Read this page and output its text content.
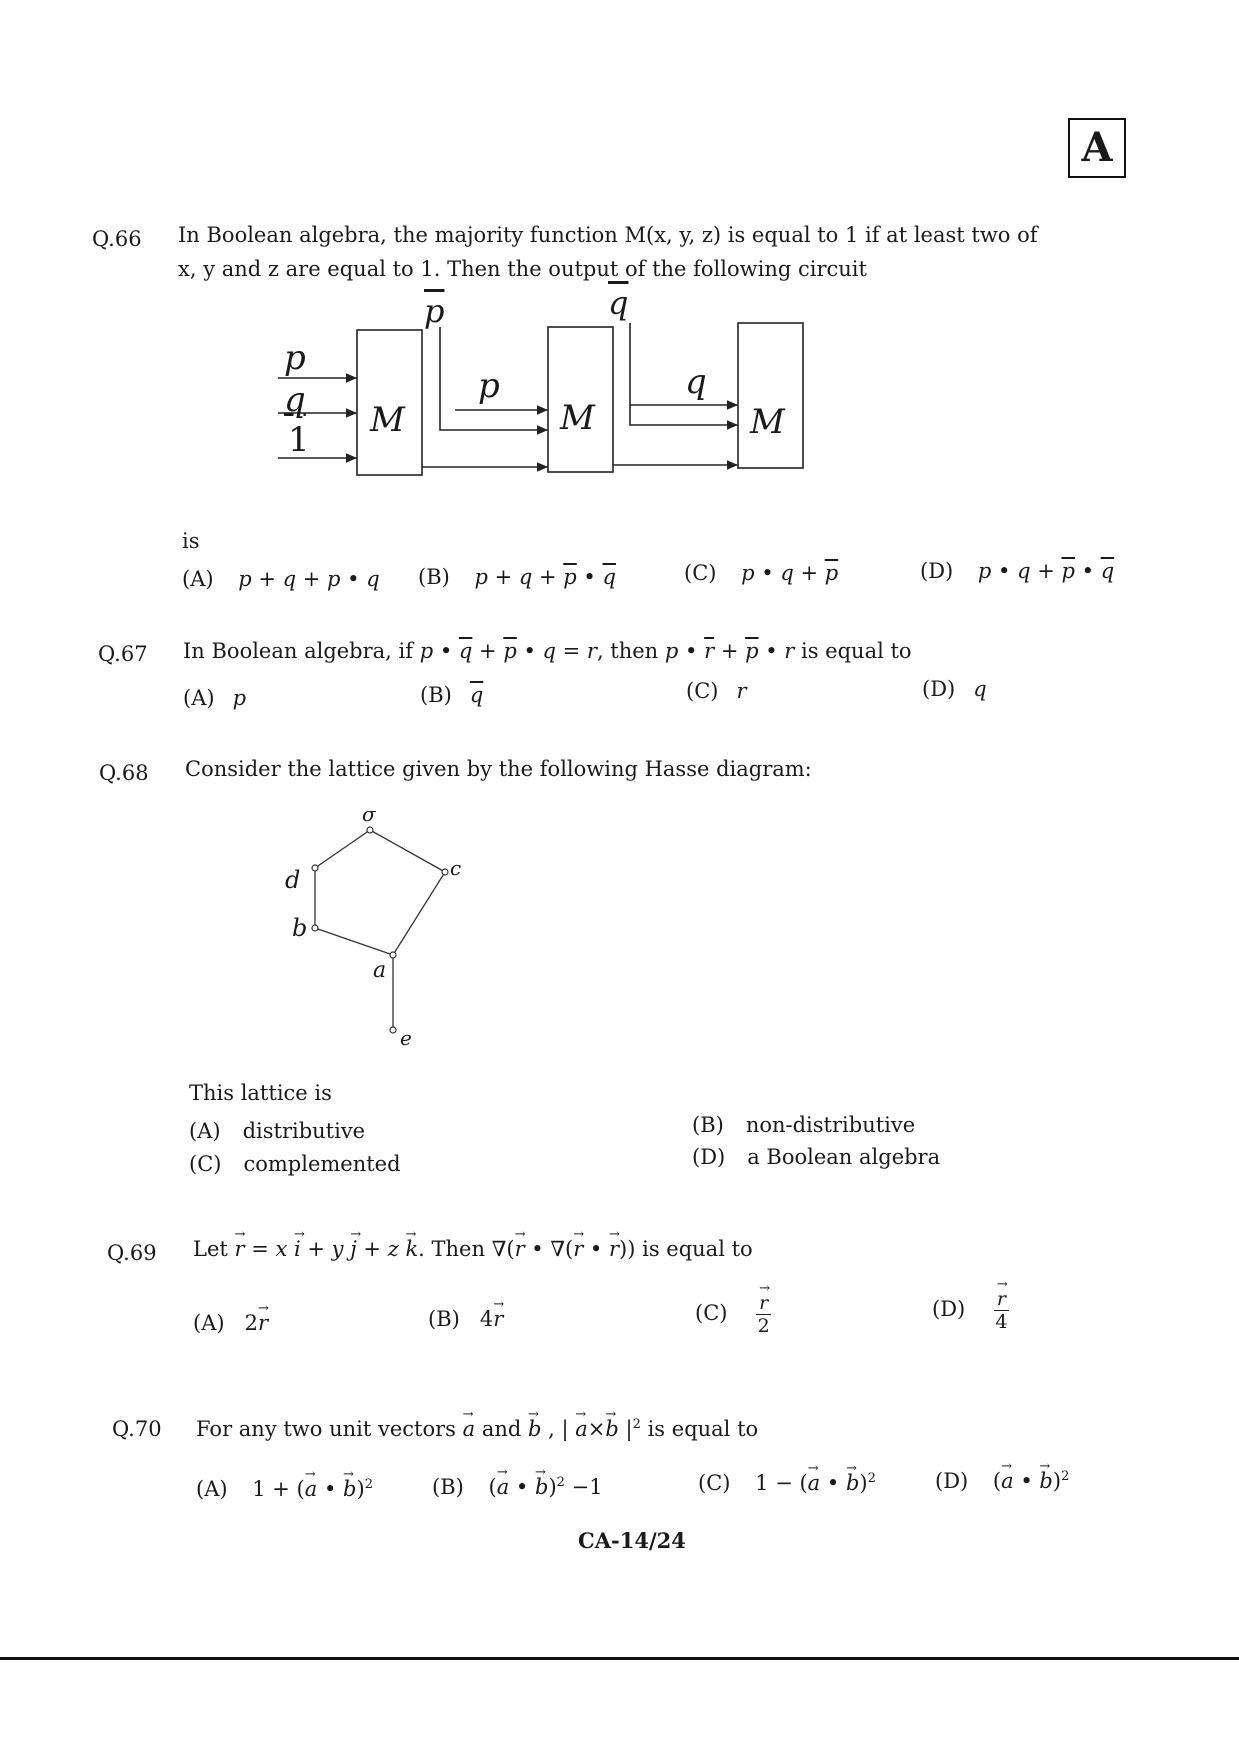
A
Q.66 In Boolean algebra, the majority function M(x, y, z) is equal to 1 if at least two of
x, y and z are equal to 1. Then the output of the following circuit
p
q
1 M	M	M
$\overline{p}$	$\overline{q}$
p	q
is
(A) p + q + p • q (B) $p + q + \overline{p}$ • $\overline{q}$	(C) p • $q + \overline{p}$	(D) p • $q + \overline{p}$ • $\overline{q}$
Q.67 In Boolean algebra, if p • $\overline{q} + \overline{p}$ • q = r, then p • $\overline{r} + \overline{p}$ • r is equal to
(A) p	(B) $\overline{q}$	(C) r	(D) q
Q.68 Consider the lattice given by the following Hasse diagram:
σ
c
d
b
a
e
This lattice is
(A) distributive	(B) non-distributive
(C) complemented	(D) a Boolean algebra
Q.69 Let → r = x → i + y → j + z → k. Then ∇(→ r • ∇(→ r • → r)) is equal to
(A) 2→ r	(B) 4→ r	$(C) \to \frac{r}{2}$	$(D) \to \frac{r}{4}$
Q.70 For any two unit vectors → a and → b , | → a×→ b $|^2$ is equal to
(A) 1 + (→ a • → b)$^2$	(B) (→ a • → b)$^2$ −1	(C) 1 − (→ a • → b)$^2$	(D) (→ a • → b)$^2$
CA-14/24
